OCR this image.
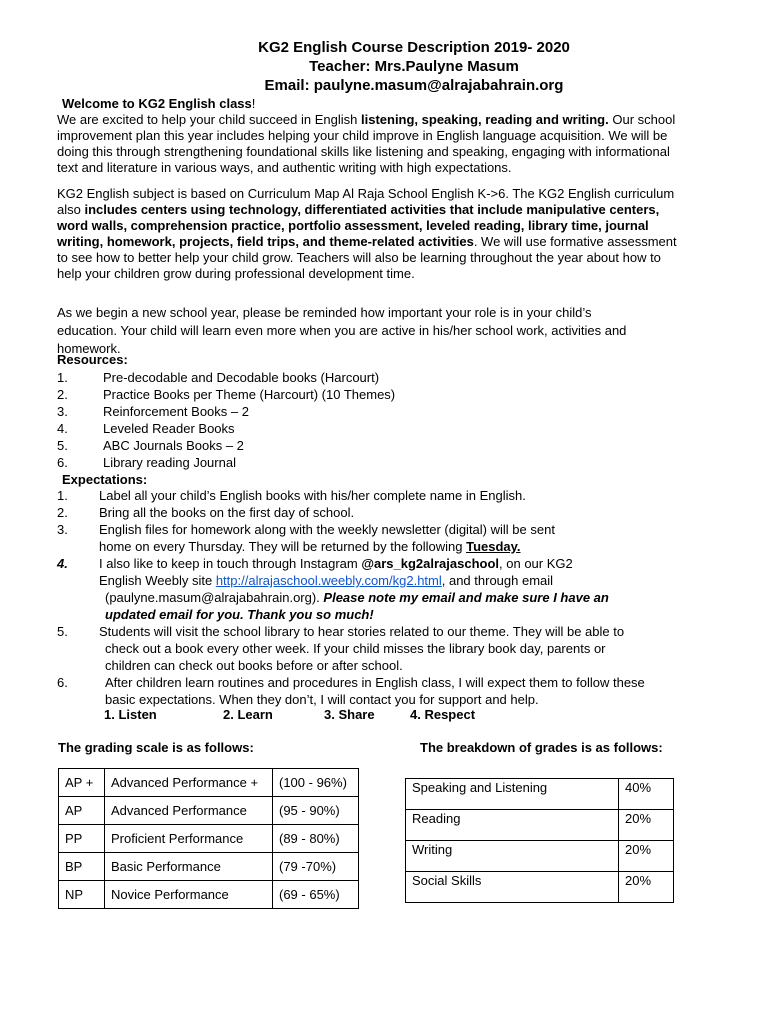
KG2 English Course Description 2019- 2020
Teacher: Mrs.Paulyne Masum
Email: paulyne.masum@alrajabahrain.org
Welcome to KG2 English class!
We are excited to help your child succeed in English listening, speaking, reading and writing. Our school improvement plan this year includes helping your child improve in English language acquisition. We will be doing this through strengthening foundational skills like listening and speaking, engaging with informational text and literature in various ways, and authentic writing with high expectations.
KG2 English subject is based on Curriculum Map Al Raja School English K->6. The KG2 English curriculum also includes centers using technology, differentiated activities that include manipulative centers, word walls, comprehension practice, portfolio assessment, leveled reading, library time, journal writing, homework, projects, field trips, and theme-related activities. We will use formative assessment to see how to better help your child grow. Teachers will also be learning throughout the year about how to help your children grow during professional development time.
As we begin a new school year, please be reminded how important your role is in your child’s
education. Your child will learn even more when you are active in his/her school work, activities and
homework.
Resources:
1.	Pre-decodable and Decodable books (Harcourt)
2.	Practice Books per Theme (Harcourt) (10 Themes)
3.	Reinforcement Books – 2
4.	Leveled Reader Books
5.	ABC Journals Books – 2
6.	Library reading Journal
Expectations:
1. Label all your child’s English books with his/her complete name in English.
2. Bring all the books on the first day of school.
3. English files for homework along with the weekly newsletter (digital) will be sent
home on every Thursday. They will be returned by the following Tuesday.
4. I also like to keep in touch through Instagram @ars_kg2alrajaschool, on our KG2
English Weebly site http://alrajaschool.weebly.com/kg2.html, and through email
(paulyne.masum@alrajabahrain.org). Please note my email and make sure I have an
updated email for you. Thank you so much!
5. Students will visit the school library to hear stories related to our theme. They will be able to
check out a book every other week. If your child misses the library book day, parents or
children can check out books before or after school.
6.	After children learn routines and procedures in English class, I will expect them to follow these
basic expectations. When they don’t, I will contact you for support and help.
1. Listen	2. Learn	3. Share	4. Respect
The grading scale is as follows:	The breakdown of grades is as follows:
AP +	Advanced Performance +	(100 - 96%)
AP	Advanced Performance	(95 - 90%)
PP	Proficient Performance	(89 - 80%)
BP	Basic Performance	(79 -70%)
NP	Novice Performance	(69 - 65%)
Speaking and Listening	40%
Reading	20%
Writing	20%
Social Skills	20%
